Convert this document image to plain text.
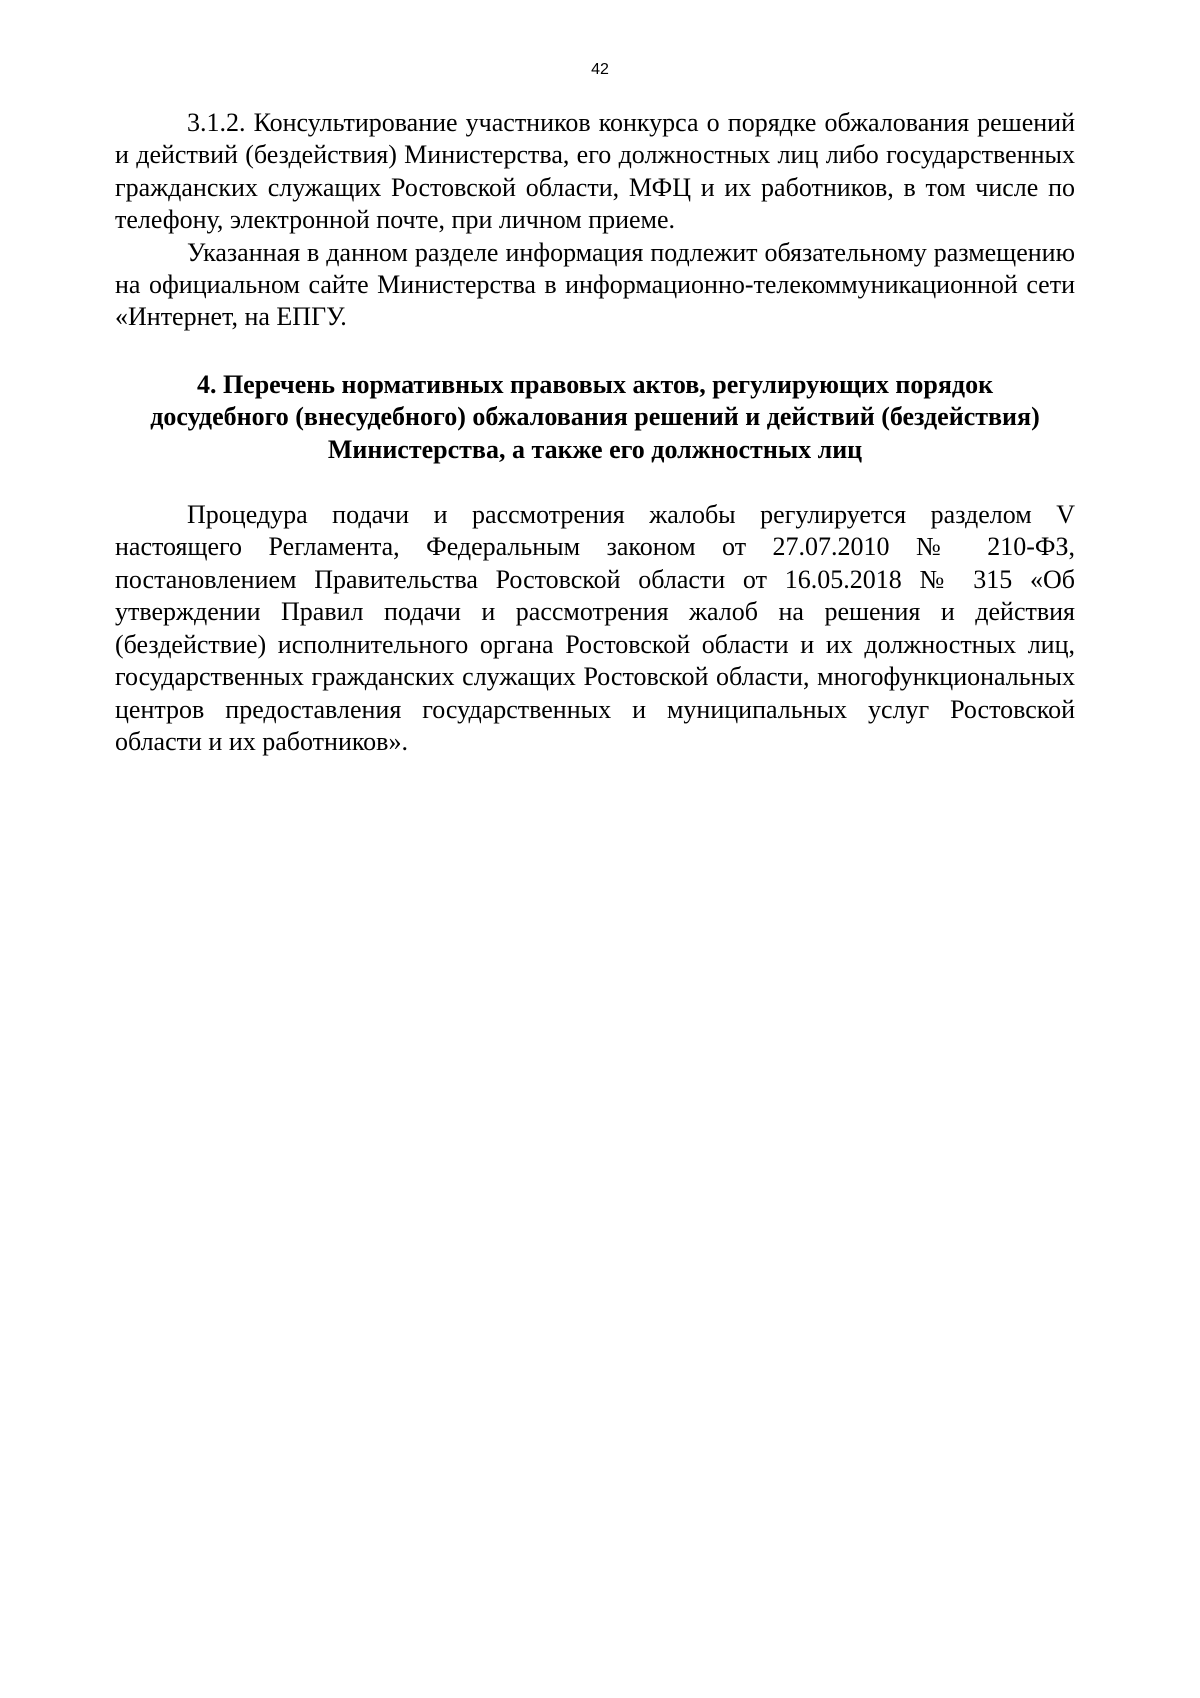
42

3.1.2. Консультирование участников конкурса о порядке обжалования решений и действий (бездействия) Министерства, его должностных лиц либо государственных гражданских служащих Ростовской области, МФЦ и их работников, в том числе по телефону, электронной почте, при личном приеме.

Указанная в данном разделе информация подлежит обязательному размещению на официальном сайте Министерства в информационно-телекоммуникационной сети «Интернет, на ЕПГУ.

4. Перечень нормативных правовых актов, регулирующих порядок
досудебного (внесудебного) обжалования решений и действий (бездействия)
Министерства, а также его должностных лиц

Процедура подачи и рассмотрения жалобы регулируется разделом V настоящего Регламента, Федеральным законом от 27.07.2010 № 210-ФЗ, постановлением Правительства Ростовской области от 16.05.2018 № 315 «Об утверждении Правил подачи и рассмотрения жалоб на решения и действия (бездействие) исполнительного органа Ростовской области и их должностных лиц, государственных гражданских служащих Ростовской области, многофункциональных центров предоставления государственных и муниципальных услуг Ростовской области и их работников».
